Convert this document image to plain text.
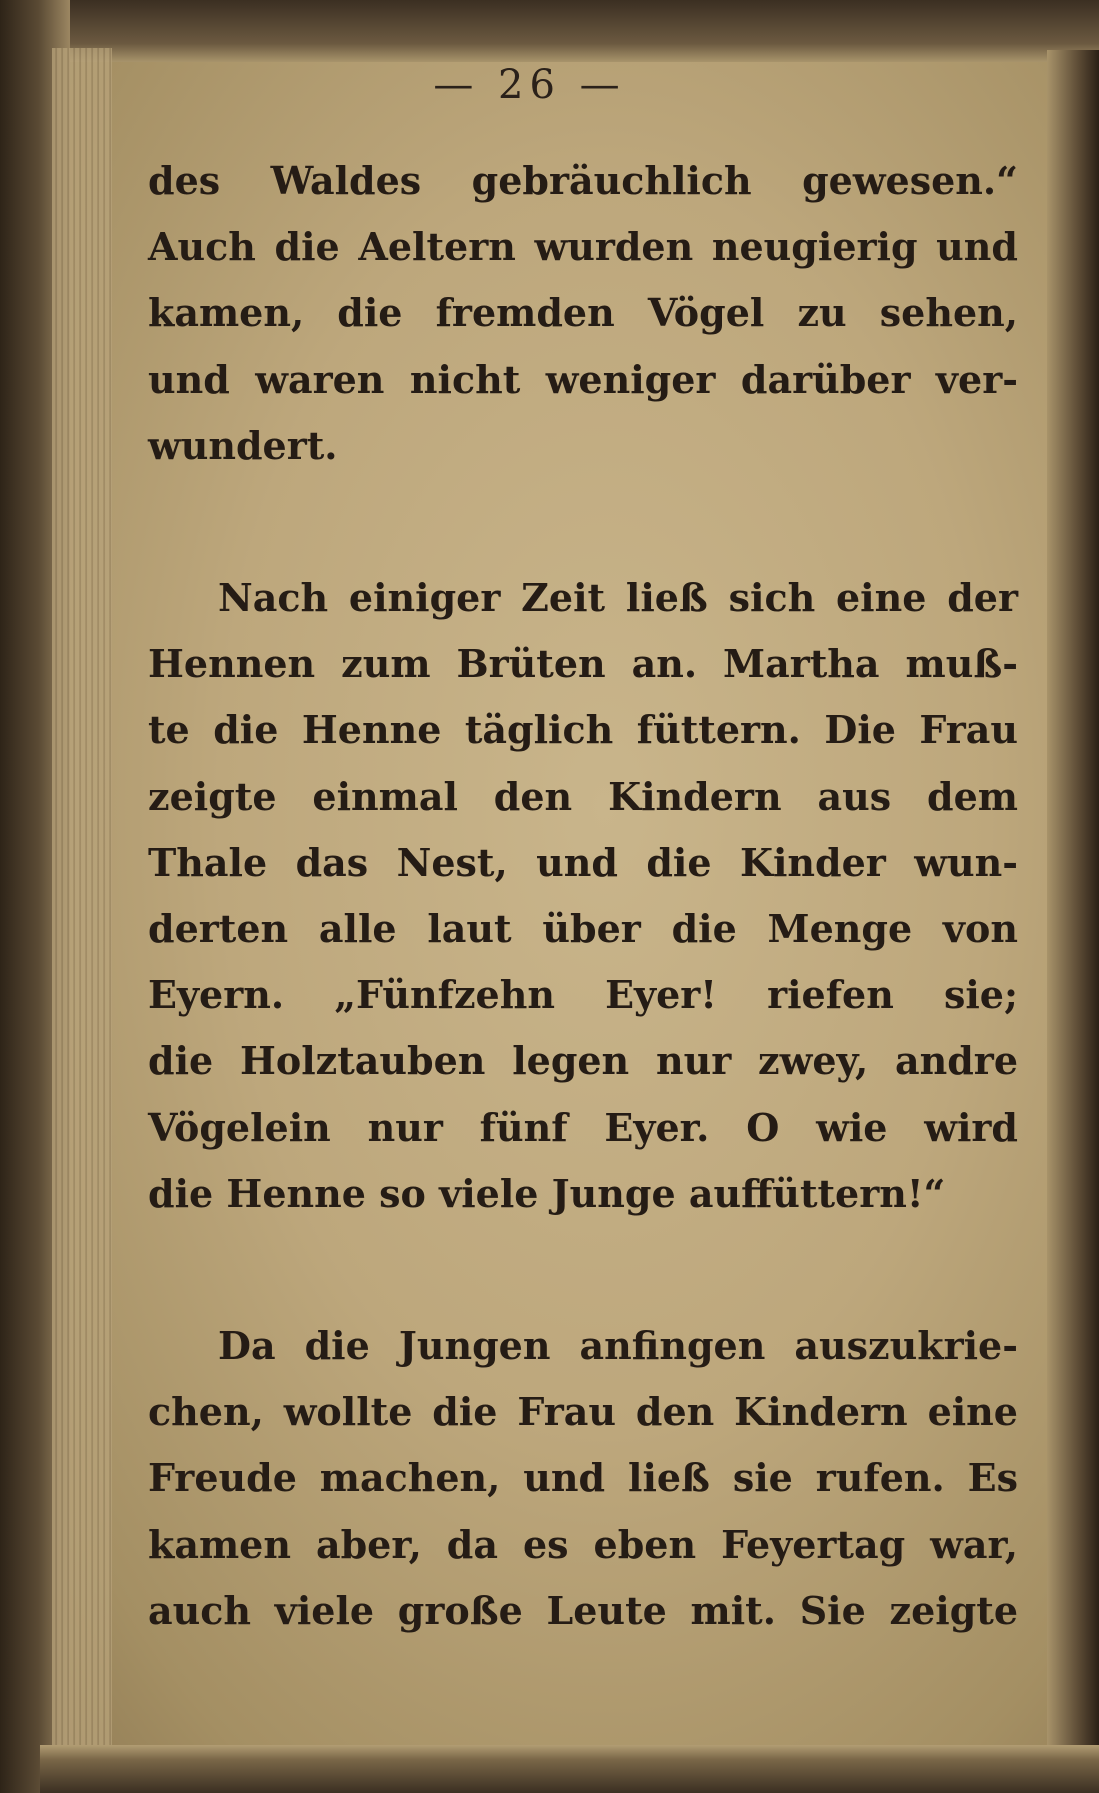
— 26 —
des Waldes gebräuchlich gewesen.“
Auch die Aeltern wurden neugierig und
kamen, die fremden Vögel zu sehen,
und waren nicht weniger darüber ver-
wundert.
Nach einiger Zeit ließ sich eine der
Hennen zum Brüten an. Martha muß-
te die Henne täglich füttern. Die Frau
zeigte einmal den Kindern aus dem
Thale das Nest, und die Kinder wun-
derten alle laut über die Menge von
Eyern. „Fünfzehn Eyer! riefen sie;
die Holztauben legen nur zwey, andre
Vögelein nur fünf Eyer. O wie wird
die Henne so viele Junge auffüttern!“
Da die Jungen anfingen auszukrie-
chen, wollte die Frau den Kindern eine
Freude machen, und ließ sie rufen. Es
kamen aber, da es eben Feyertag war,
auch viele große Leute mit. Sie zeigte
